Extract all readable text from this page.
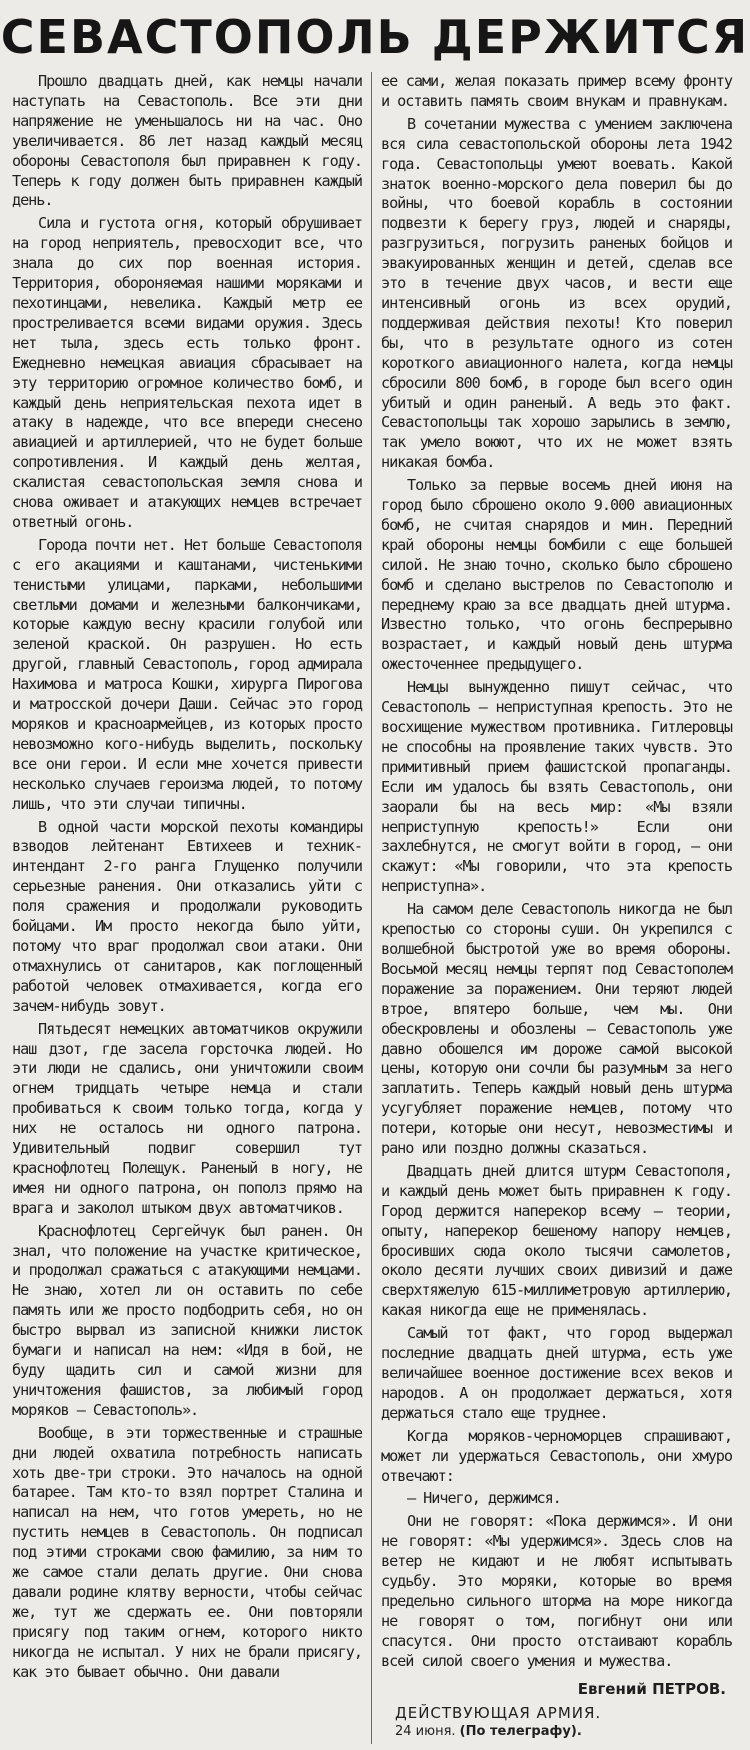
СЕВАСТОПОЛЬ ДЕРЖИТСЯ

Прошло двадцать дней, как немцы начали наступать на Севастополь. Все эти дни напряжение не уменьшалось ни на час. Оно увеличивается. 86 лет назад каждый месяц обороны Севастополя был приравнен к году. Теперь к году должен быть приравнен каждый день.

Сила и густота огня, который обрушивает на город неприятель, превосходит все, что знала до сих пор военная история. Территория, обороняемая нашими моряками и пехотинцами, невелика. Каждый метр ее простреливается всеми видами оружия. Здесь нет тыла, здесь есть только фронт. Ежедневно немецкая авиация сбрасывает на эту территорию огромное количество бомб, и каждый день неприятельская пехота идет в атаку в надежде, что все впереди снесено авиацией и артиллерией, что не будет больше сопротивления. И каждый день желтая, скалистая севастопольская земля снова и снова оживает и атакующих немцев встречает ответный огонь.

Города почти нет. Нет больше Севастополя с его акациями и каштанами, чистенькими тенистыми улицами, парками, небольшими светлыми домами и железными балкончиками, которые каждую весну красили голубой или зеленой краской. Он разрушен. Но есть другой, главный Севастополь, город адмирала Нахимова и матроса Кошки, хирурга Пирогова и матросской дочери Даши. Сейчас это город моряков и красноармейцев, из которых просто невозможно кого-нибудь выделить, поскольку все они герои. И если мне хочется привести несколько случаев героизма людей, то потому лишь, что эти случаи типичны.

В одной части морской пехоты командиры взводов лейтенант Евтихеев и техник-интендант 2-го ранга Глущенко получили серьезные ранения. Они отказались уйти с поля сражения и продолжали руководить бойцами. Им просто некогда было уйти, потому что враг продолжал свои атаки. Они отмахнулись от санитаров, как поглощенный работой человек отмахивается, когда его зачем-нибудь зовут.

Пятьдесят немецких автоматчиков окружили наш дзот, где засела горсточка людей. Но эти люди не сдались, они уничтожили своим огнем тридцать четыре немца и стали пробиваться к своим только тогда, когда у них не осталось ни одного патрона. Удивительный подвиг совершил тут краснофлотец Полещук. Раненый в ногу, не имея ни одного патрона, он пополз прямо на врага и заколол штыком двух автоматчиков.

Краснофлотец Сергейчук был ранен. Он знал, что положение на участке критическое, и продолжал сражаться с атакующими немцами. Не знаю, хотел ли он оставить по себе память или же просто подбодрить себя, но он быстро вырвал из записной книжки листок бумаги и написал на нем: «Идя в бой, не буду щадить сил и самой жизни для уничтожения фашистов, за любимый город моряков — Севастополь».

Вообще, в эти торжественные и страшные дни людей охватила потребность написать хоть две-три строки. Это началось на одной батарее. Там кто-то взял портрет Сталина и написал на нем, что готов умереть, но не пустить немцев в Севастополь. Он подписал под этими строками свою фамилию, за ним то же самое стали делать другие. Они снова давали родине клятву верности, чтобы сейчас же, тут же сдержать ее. Они повторяли присягу под таким огнем, которого никто никогда не испытал. У них не брали присягу, как это бывает обычно. Они давали

ее сами, желая показать пример всему фронту и оставить память своим внукам и правнукам.

В сочетании мужества с умением заключена вся сила севастопольской обороны лета 1942 года. Севастопольцы умеют воевать. Какой знаток военно-морского дела поверил бы до войны, что боевой корабль в состоянии подвезти к берегу груз, людей и снаряды, разгрузиться, погрузить раненых бойцов и эвакуированных женщин и детей, сделав все это в течение двух часов, и вести еще интенсивный огонь из всех орудий, поддерживая действия пехоты! Кто поверил бы, что в результате одного из сотен короткого авиационного налета, когда немцы сбросили 800 бомб, в городе был всего один убитый и один раненый. А ведь это факт. Севастопольцы так хорошо зарылись в землю, так умело воюют, что их не может взять никакая бомба.

Только за первые восемь дней июня на город было сброшено около 9.000 авиационных бомб, не считая снарядов и мин. Передний край обороны немцы бомбили с еще большей силой. Не знаю точно, сколько было сброшено бомб и сделано выстрелов по Севастополю и переднему краю за все двадцать дней штурма. Известно только, что огонь беспрерывно возрастает, и каждый новый день штурма ожесточеннее предыдущего.

Немцы вынужденно пишут сейчас, что Севастополь — неприступная крепость. Это не восхищение мужеством противника. Гитлеровцы не способны на проявление таких чувств. Это примитивный прием фашистской пропаганды. Если им удалось бы взять Севастополь, они заорали бы на весь мир: «Мы взяли неприступную крепость!» Если они захлебнутся, не смогут войти в город, — они скажут: «Мы говорили, что эта крепость неприступна».

На самом деле Севастополь никогда не был крепостью со стороны суши. Он укрепился с волшебной быстротой уже во время обороны. Восьмой месяц немцы терпят под Севастополем поражение за поражением. Они теряют людей втрое, впятеро больше, чем мы. Они обескровлены и обозлены — Севастополь уже давно обошелся им дороже самой высокой цены, которую они сочли бы разумным за него заплатить. Теперь каждый новый день штурма усугубляет поражение немцев, потому что потери, которые они несут, невозместимы и рано или поздно должны сказаться.

Двадцать дней длится штурм Севастополя, и каждый день может быть приравнен к году. Город держится наперекор всему — теории, опыту, наперекор бешеному напору немцев, бросивших сюда около тысячи самолетов, около десяти лучших своих дивизий и даже сверхтяжелую 615-миллиметровую артиллерию, какая никогда еще не применялась.

Самый тот факт, что город выдержал последние двадцать дней штурма, есть уже величайшее военное достижение всех веков и народов. А он продолжает держаться, хотя держаться стало еще труднее.

Когда моряков-черноморцев спрашивают, может ли удержаться Севастополь, они хмуро отвечают:

— Ничего, держимся.

Они не говорят: «Пока держимся». И они не говорят: «Мы удержимся». Здесь слов на ветер не кидают и не любят испытывать судьбу. Это моряки, которые во время предельно сильного шторма на море никогда не говорят о том, погибнут они или спасутся. Они просто отстаивают корабль всей силой своего умения и мужества.

Евгений ПЕТРОВ.
ДЕЙСТВУЮЩАЯ АРМИЯ.
24 июня. (По телеграфу).
